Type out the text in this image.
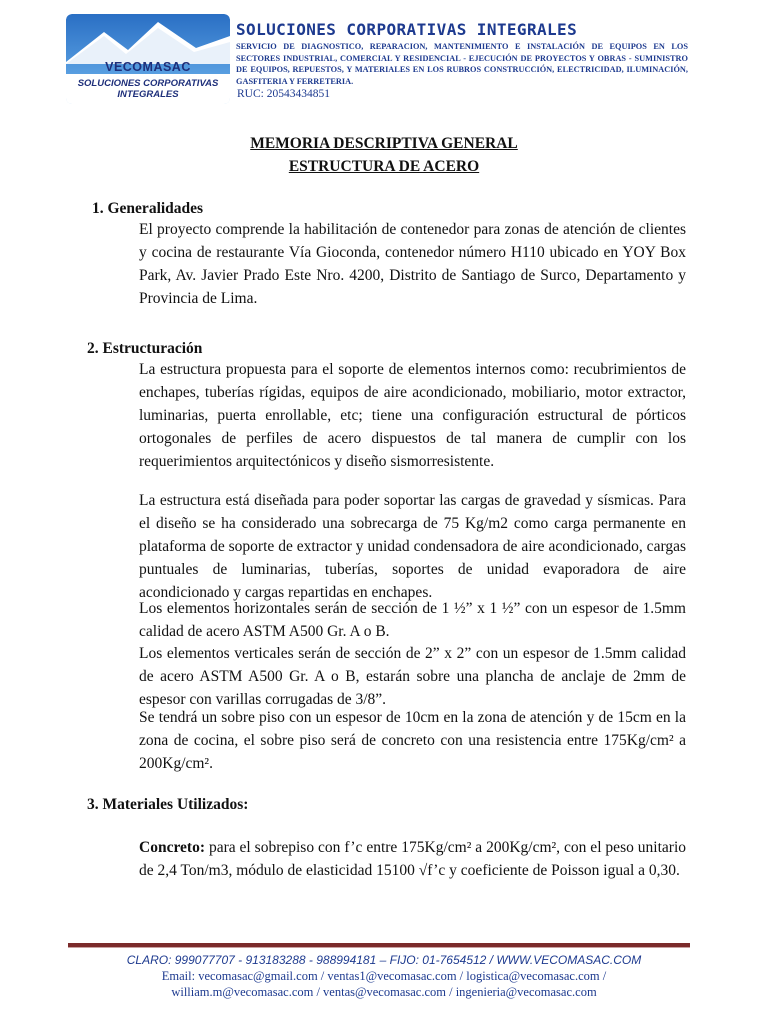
VECOMASAC
SOLUCIONES CORPORATIVAS
INTEGRALES
SOLUCIONES CORPORATIVAS INTEGRALES
SERVICIO DE DIAGNOSTICO, REPARACION, MANTENIMIENTO E INSTALACIÓN DE EQUIPOS EN LOS SECTORES INDUSTRIAL, COMERCIAL Y RESIDENCIAL - EJECUCIÓN DE PROYECTOS Y OBRAS - SUMINISTRO DE EQUIPOS, REPUESTOS, Y MATERIALES EN LOS RUBROS CONSTRUCCIÓN, ELECTRICIDAD, ILUMINACIÓN, GASFITERIA Y FERRETERIA.
RUC: 20543434851
MEMORIA DESCRIPTIVA GENERAL
ESTRUCTURA DE ACERO
1. Generalidades
El proyecto comprende la habilitación de contenedor para zonas de atención de clientes y cocina de restaurante Vía Gioconda, contenedor número H110 ubicado en YOY Box Park, Av. Javier Prado Este Nro. 4200, Distrito de Santiago de Surco, Departamento y Provincia de Lima.
2. Estructuración
La estructura propuesta para el soporte de elementos internos como: recubrimientos de enchapes, tuberías rígidas, equipos de aire acondicionado, mobiliario, motor extractor, luminarias, puerta enrollable, etc; tiene una configuración estructural de pórticos ortogonales de perfiles de acero dispuestos de tal manera de cumplir con los requerimientos arquitectónicos y diseño sismorresistente.
La estructura está diseñada para poder soportar las cargas de gravedad y sísmicas. Para el diseño se ha considerado una sobrecarga de 75 Kg/m2 como carga permanente en plataforma de soporte de extractor y unidad condensadora de aire acondicionado, cargas puntuales de luminarias, tuberías, soportes de unidad evaporadora de aire acondicionado y cargas repartidas en enchapes.
Los elementos horizontales serán de sección de 1 ½” x 1 ½” con un espesor de 1.5mm calidad de acero ASTM A500 Gr. A o B.
Los elementos verticales serán de sección de 2” x 2” con un espesor de 1.5mm calidad de acero ASTM A500 Gr. A o B, estarán sobre una plancha de anclaje de 2mm de espesor con varillas corrugadas de 3/8”.
Se tendrá un sobre piso con un espesor de 10cm en la zona de atención y de 15cm en la zona de cocina, el sobre piso será de concreto con una resistencia entre 175Kg/cm² a 200Kg/cm².
3. Materiales Utilizados:
Concreto: para el sobrepiso con f’c entre 175Kg/cm² a 200Kg/cm², con el peso unitario de 2,4 Ton/m3, módulo de elasticidad 15100 √f’c y coeficiente de Poisson igual a 0,30.
CLARO: 999077707 - 913183288 - 988994181 – FIJO: 01-7654512 / WWW.VECOMASAC.COM
Email: vecomasac@gmail.com / ventas1@vecomasac.com / logistica@vecomasac.com /
william.m@vecomasac.com / ventas@vecomasac.com / ingenieria@vecomasac.com
